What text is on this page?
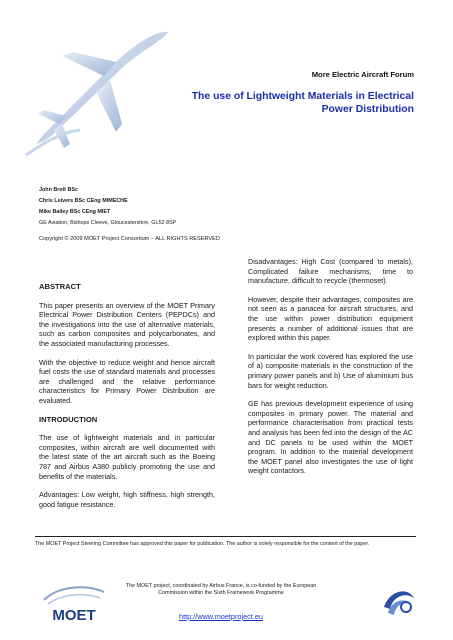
More Electric Aircraft Forum
The use of Lightweight Materials in Electrical
Power Distribution
John Brett BSc
Chris Leivers BSc CEng MIMECHE
Mike Bailey BSc CEng MIET
GE Aviation, Bishops Cleeve, Gloucestershire, GL52 8SP
Copyright © 2009 MOET Project Consortium – ALL RIGHTS RESERVED

ABSTRACT

This paper presents an overview of the MOET Primary Electrical Power Distribution Centers (PEPDCs) and the investigations into the use of alternative materials, such as carbon composites and polycarbonates, and the associated manufacturing processes.

With the objective to reduce weight and hence aircraft fuel costs the use of standard materials and processes are challenged and the relative performance characteristics for Primary Power Distribution are evaluated.

INTRODUCTION

The use of lightweight materials and in particular composites, within aircraft are well documented with the latest state of the art aircraft such as the Boeing 787 and Airbus A380 publicly promoting the use and benefits of the materials.

Advantages: Low weight, high stiffness, high strength, good fatigue resistance.

Disadvantages: High Cost (compared to metals), Complicated failure mechanisms, time to manufacture, difficult to recycle (thermoset).

However, despite their advantages, composites are not seen as a panacea for aircraft structures, and the use within power distribution equipment presents a number of additional issues that are explored within this paper.

In particular the work covered has explored the use of a) composite materials in the construction of the primary power panels and b) Use of aluminium bus bars for weight reduction.

GE has previous development experience of using composites in primary power. The material and performance characterisation from practical tests and analysis has been fed into the design of the AC and DC panels to be used within the MOET program. In addition to the material development the MOET panel also investigates the use of light weight contactors.

The MOET Project Steering Committee has approved this paper for publication. The author is solely responsible for the content of the paper.
MOET
The MOET project, coordinated by Airbus France, is co-funded by the European
Commission within the Sixth Framework Programme
http://www.moetproject.eu
